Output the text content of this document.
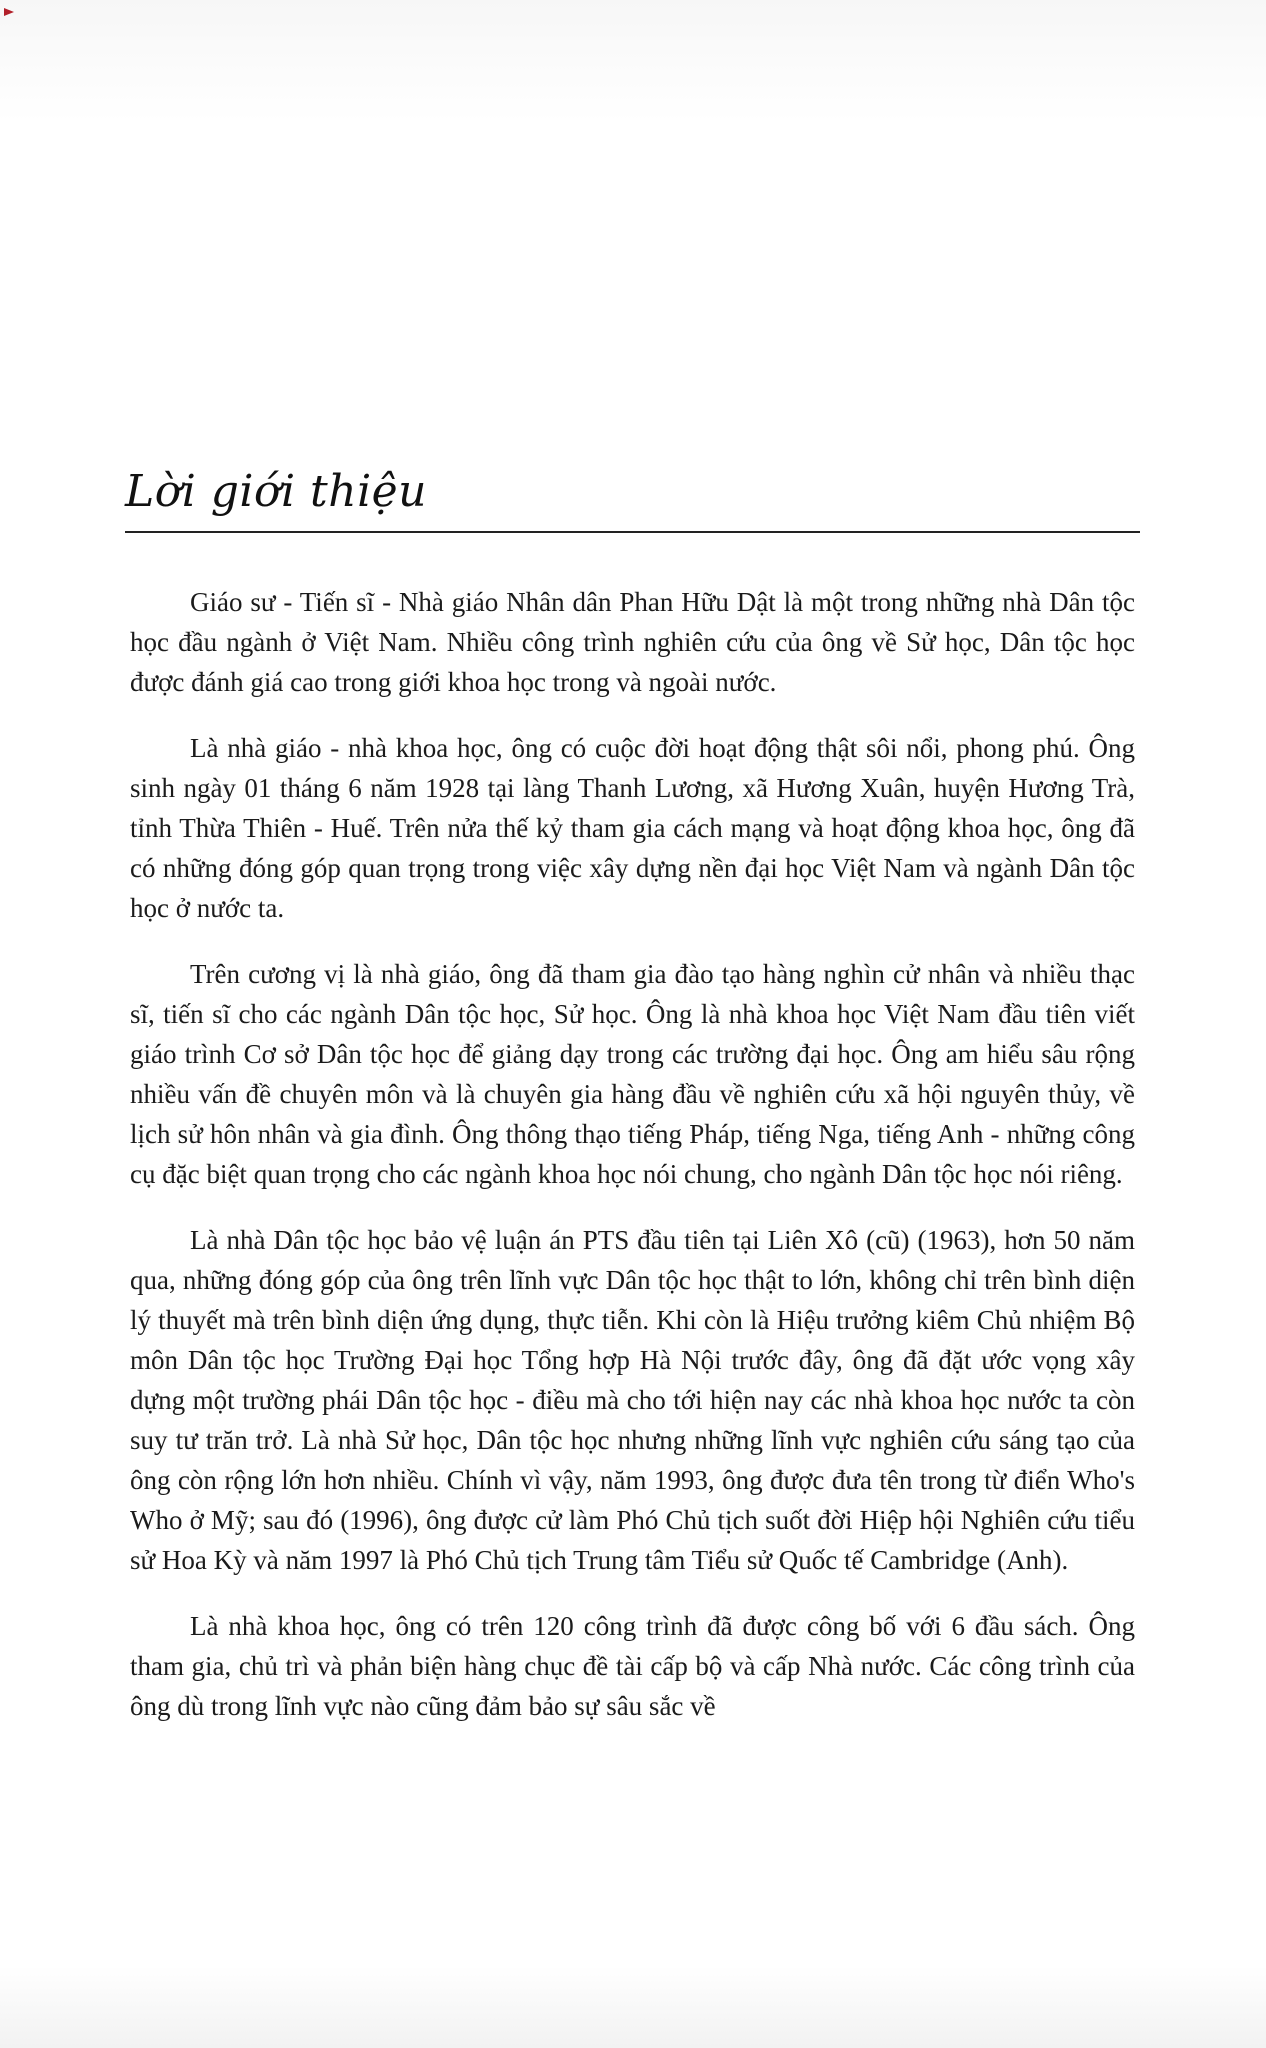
Lời giới thiệu

Giáo sư - Tiến sĩ - Nhà giáo Nhân dân Phan Hữu Dật là một trong những nhà Dân tộc học đầu ngành ở Việt Nam. Nhiều công trình nghiên cứu của ông về Sử học, Dân tộc học được đánh giá cao trong giới khoa học trong và ngoài nước.

Là nhà giáo - nhà khoa học, ông có cuộc đời hoạt động thật sôi nổi, phong phú. Ông sinh ngày 01 tháng 6 năm 1928 tại làng Thanh Lương, xã Hương Xuân, huyện Hương Trà, tỉnh Thừa Thiên - Huế. Trên nửa thế kỷ tham gia cách mạng và hoạt động khoa học, ông đã có những đóng góp quan trọng trong việc xây dựng nền đại học Việt Nam và ngành Dân tộc học ở nước ta.

Trên cương vị là nhà giáo, ông đã tham gia đào tạo hàng nghìn cử nhân và nhiều thạc sĩ, tiến sĩ cho các ngành Dân tộc học, Sử học. Ông là nhà khoa học Việt Nam đầu tiên viết giáo trình Cơ sở Dân tộc học để giảng dạy trong các trường đại học. Ông am hiểu sâu rộng nhiều vấn đề chuyên môn và là chuyên gia hàng đầu về nghiên cứu xã hội nguyên thủy, về lịch sử hôn nhân và gia đình. Ông thông thạo tiếng Pháp, tiếng Nga, tiếng Anh - những công cụ đặc biệt quan trọng cho các ngành khoa học nói chung, cho ngành Dân tộc học nói riêng.

Là nhà Dân tộc học bảo vệ luận án PTS đầu tiên tại Liên Xô (cũ) (1963), hơn 50 năm qua, những đóng góp của ông trên lĩnh vực Dân tộc học thật to lớn, không chỉ trên bình diện lý thuyết mà trên bình diện ứng dụng, thực tiễn. Khi còn là Hiệu trưởng kiêm Chủ nhiệm Bộ môn Dân tộc học Trường Đại học Tổng hợp Hà Nội trước đây, ông đã đặt ước vọng xây dựng một trường phái Dân tộc học - điều mà cho tới hiện nay các nhà khoa học nước ta còn suy tư trăn trở. Là nhà Sử học, Dân tộc học nhưng những lĩnh vực nghiên cứu sáng tạo của ông còn rộng lớn hơn nhiều. Chính vì vậy, năm 1993, ông được đưa tên trong từ điển Who's Who ở Mỹ; sau đó (1996), ông được cử làm Phó Chủ tịch suốt đời Hiệp hội Nghiên cứu tiểu sử Hoa Kỳ và năm 1997 là Phó Chủ tịch Trung tâm Tiểu sử Quốc tế Cambridge (Anh).

Là nhà khoa học, ông có trên 120 công trình đã được công bố với 6 đầu sách. Ông tham gia, chủ trì và phản biện hàng chục đề tài cấp bộ và cấp Nhà nước. Các công trình của ông dù trong lĩnh vực nào cũng đảm bảo sự sâu sắc về
